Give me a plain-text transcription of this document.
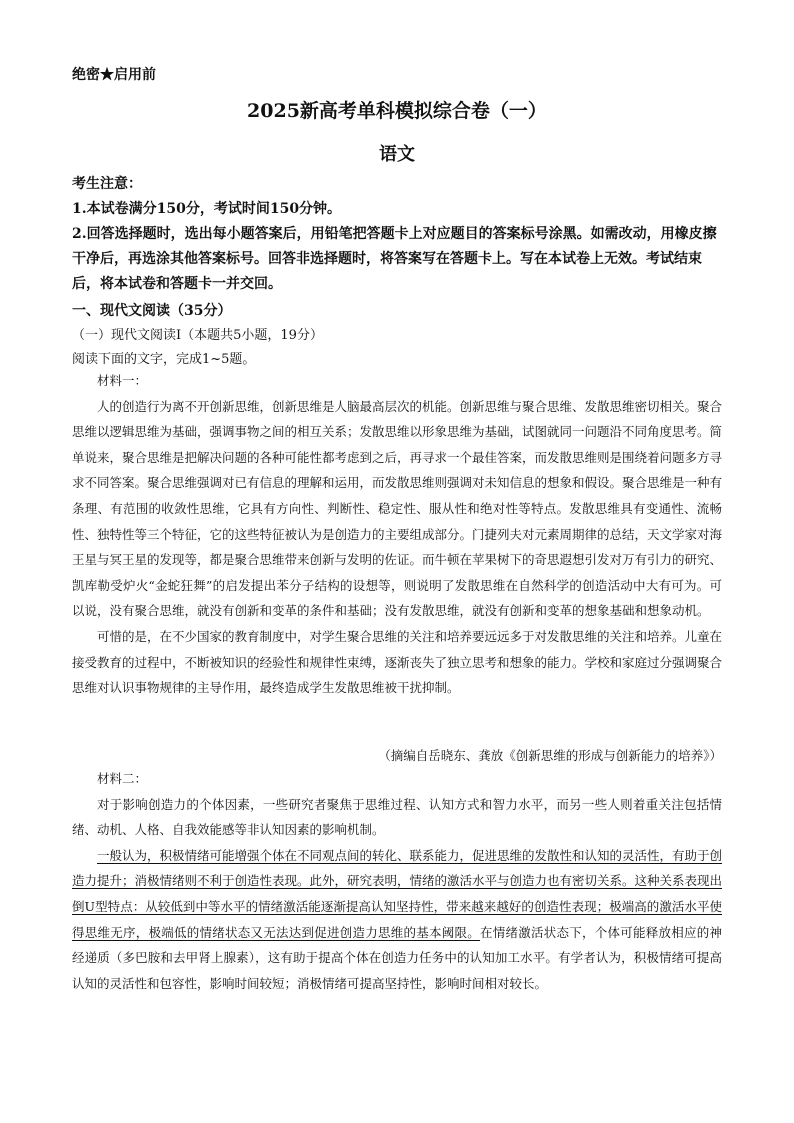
绝密★启用前
2025新高考单科模拟综合卷（一）
语文

考生注意：

1.本试卷满分150分，考试时间150分钟。

2.回答选择题时，选出每小题答案后，用铅笔把答题卡上对应题目的答案标号涂黑。如需改动，用橡皮擦干净后，再选涂其他答案标号。回答非选择题时，将答案写在答题卡上。写在本试卷上无效。考试结束后，将本试卷和答题卡一并交回。

一、现代文阅读（35分）
（一）现代文阅读Ⅰ（本题共5小题，19分）
阅读下面的文字，完成1~5题。

材料一：

人的创造行为离不开创新思维，创新思维是人脑最高层次的机能。创新思维与聚合思维、发散思维密切相关。聚合思维以逻辑思维为基础，强调事物之间的相互关系；发散思维以形象思维为基础，试图就同一问题沿不同角度思考。简单说来，聚合思维是把解决问题的各种可能性都考虑到之后，再寻求一个最佳答案，而发散思维则是围绕着问题多方寻求不同答案。聚合思维强调对已有信息的理解和运用，而发散思维则强调对未知信息的想象和假设。聚合思维是一种有条理、有范围的收敛性思维，它具有方向性、判断性、稳定性、服从性和绝对性等特点。发散思维具有变通性、流畅性、独特性等三个特征，它的这些特征被认为是创造力的主要组成部分。门捷列夫对元素周期律的总结，天文学家对海王星与冥王星的发现等，都是聚合思维带来创新与发明的佐证。而牛顿在苹果树下的奇思遐想引发对万有引力的研究、凯库勒受炉火“金蛇狂舞”的启发提出苯分子结构的设想等，则说明了发散思维在自然科学的创造活动中大有可为。可以说，没有聚合思维，就没有创新和变革的条件和基础；没有发散思维，就没有创新和变革的想象基础和想象动机。

可惜的是，在不少国家的教育制度中，对学生聚合思维的关注和培养要远远多于对发散思维的关注和培养。儿童在接受教育的过程中，不断被知识的经验性和规律性束缚，逐渐丧失了独立思考和想象的能力。学校和家庭过分强调聚合思维对认识事物规律的主导作用，最终造成学生发散思维被干扰抑制。

（摘编自岳晓东、龚放《创新思维的形成与创新能力的培养》）

材料二：

对于影响创造力的个体因素，一些研究者聚焦于思维过程、认知方式和智力水平，而另一些人则着重关注包括情绪、动机、人格、自我效能感等非认知因素的影响机制。

一般认为，积极情绪可能增强个体在不同观点间的转化、联系能力，促进思维的发散性和认知的灵活性，有助于创造力提升；消极情绪则不利于创造性表现。此外，研究表明，情绪的激活水平与创造力也有密切关系。这种关系表现出倒U型特点：从较低到中等水平的情绪激活能逐渐提高认知坚持性，带来越来越好的创造性表现；极端高的激活水平使得思维无序，极端低的情绪状态又无法达到促进创造力思维的基本阈限。在情绪激活状态下，个体可能释放相应的神经递质（多巴胺和去甲肾上腺素），这有助于提高个体在创造力任务中的认知加工水平。有学者认为，积极情绪可提高认知的灵活性和包容性，影响时间较短；消极情绪可提高坚持性，影响时间相对较长。
